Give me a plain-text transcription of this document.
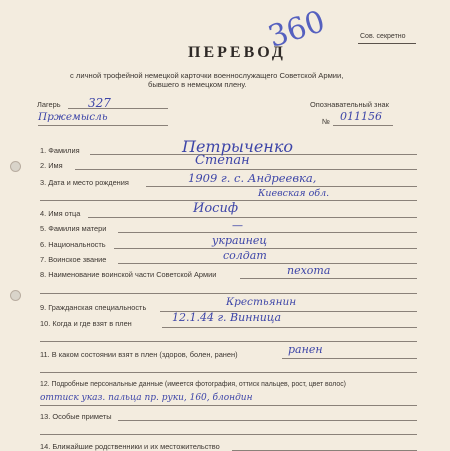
Сов. секретно
ПЕРЕВОД
360
с личной трофейной немецкой карточки военнослужащего Советской Армии,
бывшего в немецком плену.
Лагерь 327
Пржемысль
Опознавательный знак
№ 011156
1. Фамилия	Петрыченко
2. Имя	Степан
3. Дата и место рождения	1909 г. с. Андреевка,
Киевская обл.
4. Имя отца	Иосиф
5. Фамилия матери	—
6. Национальность	украинец
7. Воинское звание	солдат
8. Наименование воинской части Советской Армии	пехота
9. Гражданская специальность	Крестьянин
10. Когда и где взят в плен	12.1.44 г. Винница
11. В каком состоянии взят в плен (здоров, болен, ранен)	ранен
12. Подробные персональные данные (имеется фотография, оттиск пальцев, рост, цвет волос)
оттиск указ. пальца пр. руки, 160, блондин
13. Особые приметы
14. Ближайшие родственники и их местожительство
